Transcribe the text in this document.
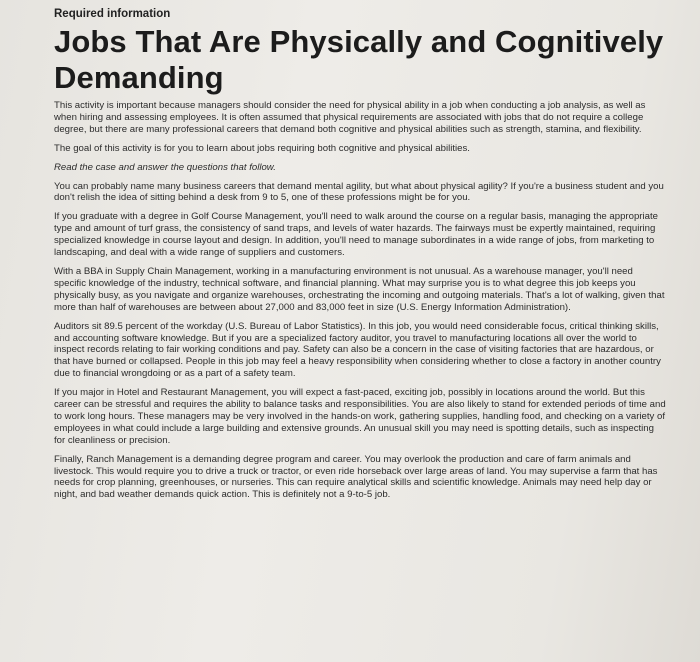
Required information
Jobs That Are Physically and Cognitively Demanding

This activity is important because managers should consider the need for physical ability in a job when conducting a job analysis, as well as when hiring and assessing employees. It is often assumed that physical requirements are associated with jobs that do not require a college degree, but there are many professional careers that demand both cognitive and physical abilities such as strength, stamina, and flexibility.

The goal of this activity is for you to learn about jobs requiring both cognitive and physical abilities.

Read the case and answer the questions that follow.

You can probably name many business careers that demand mental agility, but what about physical agility? If you're a business student and you don't relish the idea of sitting behind a desk from 9 to 5, one of these professions might be for you.

If you graduate with a degree in Golf Course Management, you'll need to walk around the course on a regular basis, managing the appropriate type and amount of turf grass, the consistency of sand traps, and levels of water hazards. The fairways must be expertly maintained, requiring specialized knowledge in course layout and design. In addition, you'll need to manage subordinates in a wide range of jobs, from marketing to landscaping, and deal with a wide range of suppliers and customers.

With a BBA in Supply Chain Management, working in a manufacturing environment is not unusual. As a warehouse manager, you'll need specific knowledge of the industry, technical software, and financial planning. What may surprise you is to what degree this job keeps you physically busy, as you navigate and organize warehouses, orchestrating the incoming and outgoing materials. That's a lot of walking, given that more than half of warehouses are between about 27,000 and 83,000 feet in size (U.S. Energy Information Administration).

Auditors sit 89.5 percent of the workday (U.S. Bureau of Labor Statistics). In this job, you would need considerable focus, critical thinking skills, and accounting software knowledge. But if you are a specialized factory auditor, you travel to manufacturing locations all over the world to inspect records relating to fair working conditions and pay. Safety can also be a concern in the case of visiting factories that are hazardous, or that have burned or collapsed. People in this job may feel a heavy responsibility when considering whether to close a factory in another country due to financial wrongdoing or as a part of a safety team.

If you major in Hotel and Restaurant Management, you will expect a fast-paced, exciting job, possibly in locations around the world. But this career can be stressful and requires the ability to balance tasks and responsibilities. You are also likely to stand for extended periods of time and to work long hours. These managers may be very involved in the hands-on work, gathering supplies, handling food, and checking on a variety of employees in what could include a large building and extensive grounds. An unusual skill you may need is spotting details, such as inspecting for cleanliness or precision.

Finally, Ranch Management is a demanding degree program and career. You may overlook the production and care of farm animals and livestock. This would require you to drive a truck or tractor, or even ride horseback over large areas of land. You may supervise a farm that has needs for crop planning, greenhouses, or nurseries. This can require analytical skills and scientific knowledge. Animals may need help day or night, and bad weather demands quick action. This is definitely not a 9-to-5 job.
